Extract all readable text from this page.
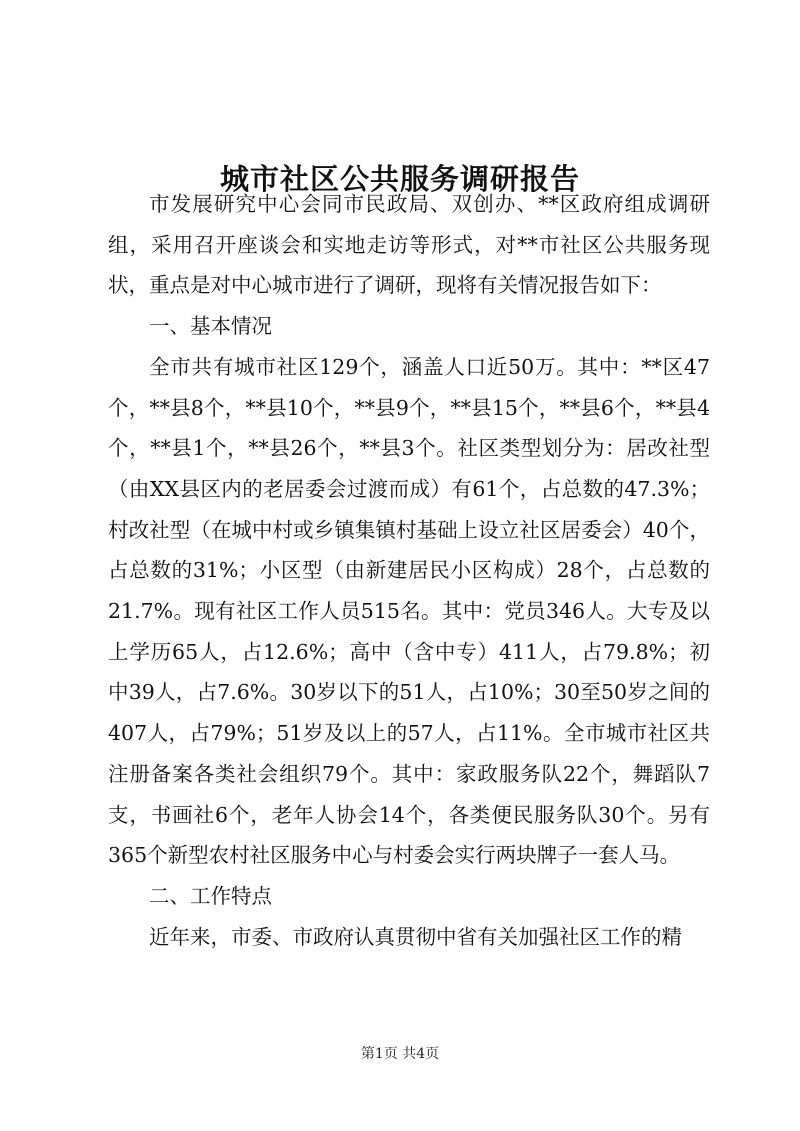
城市社区公共服务调研报告

市发展研究中心会同市民政局、双创办、**区政府组成调研组，采用召开座谈会和实地走访等形式，对**市社区公共服务现状，重点是对中心城市进行了调研，现将有关情况报告如下：

一、基本情况

全市共有城市社区129个，涵盖人口近50万。其中：**区47个，**县8个，**县10个，**县9个，**县15个，**县6个，**县4个，**县1个，**县26个，**县3个。社区类型划分为：居改社型（由XX县区内的老居委会过渡而成）有61个，占总数的47.3%；村改社型（在城中村或乡镇集镇村基础上设立社区居委会）40个，占总数的31%；小区型（由新建居民小区构成）28个，占总数的21.7%。现有社区工作人员515名。其中：党员346人。大专及以上学历65人，占12.6%；高中（含中专）411人，占79.8%；初中39人，占7.6%。30岁以下的51人，占10%；30至50岁之间的407人，占79%；51岁及以上的57人，占11%。全市城市社区共注册备案各类社会组织79个。其中：家政服务队22个，舞蹈队7支，书画社6个，老年人协会14个，各类便民服务队30个。另有365个新型农村社区服务中心与村委会实行两块牌子一套人马。

二、工作特点

近年来，市委、市政府认真贯彻中省有关加强社区工作的精

第1页 共4页
